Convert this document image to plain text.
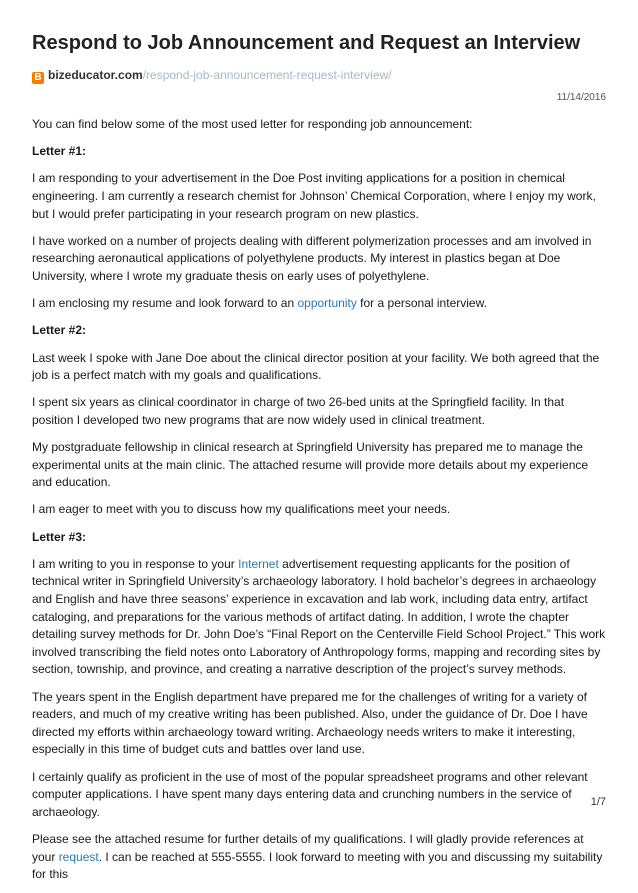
Respond to Job Announcement and Request an Interview
B bizeducator.com/respond-job-announcement-request-interview/
11/14/2016

You can find below some of the most used letter for responding job announcement:

Letter #1:

I am responding to your advertisement in the Doe Post inviting applications for a position in chemical engineering. I am currently a research chemist for Johnson’ Chemical Corporation, where I enjoy my work, but I would prefer participating in your research program on new plastics.

I have worked on a number of projects dealing with different polymerization processes and am involved in researching aeronautical applications of polyethylene products. My interest in plastics began at Doe University, where I wrote my graduate thesis on early uses of polyethylene.

I am enclosing my resume and look forward to an opportunity for a personal interview.

Letter #2:

Last week I spoke with Jane Doe about the clinical director position at your facility. We both agreed that the job is a perfect match with my goals and qualifications.

I spent six years as clinical coordinator in charge of two 26-bed units at the Springfield facility. In that position I developed two new programs that are now widely used in clinical treatment.

My postgraduate fellowship in clinical research at Springfield University has prepared me to manage the experimental units at the main clinic. The attached resume will provide more details about my experience and education.

I am eager to meet with you to discuss how my qualifications meet your needs.

Letter #3:

I am writing to you in response to your Internet advertisement requesting applicants for the position of technical writer in Springfield University’s archaeology laboratory. I hold bachelor’s degrees in archaeology and English and have three seasons’ experience in excavation and lab work, including data entry, artifact cataloging, and preparations for the various methods of artifact dating. In addition, I wrote the chapter detailing survey methods for Dr. John Doe’s “Final Report on the Centerville Field School Project.” This work involved transcribing the field notes onto Laboratory of Anthropology forms, mapping and recording sites by section, township, and province, and creating a narrative description of the project’s survey methods.

The years spent in the English department have prepared me for the challenges of writing for a variety of readers, and much of my creative writing has been published. Also, under the guidance of Dr. Doe I have directed my efforts within archaeology toward writing. Archaeology needs writers to make it interesting, especially in this time of budget cuts and battles over land use.

I certainly qualify as proficient in the use of most of the popular spreadsheet programs and other relevant computer applications. I have spent many days entering data and crunching numbers in the service of archaeology.

Please see the attached resume for further details of my qualifications. I will gladly provide references at your request. I can be reached at 555-5555. I look forward to meeting with you and discussing my suitability for this

1/7
